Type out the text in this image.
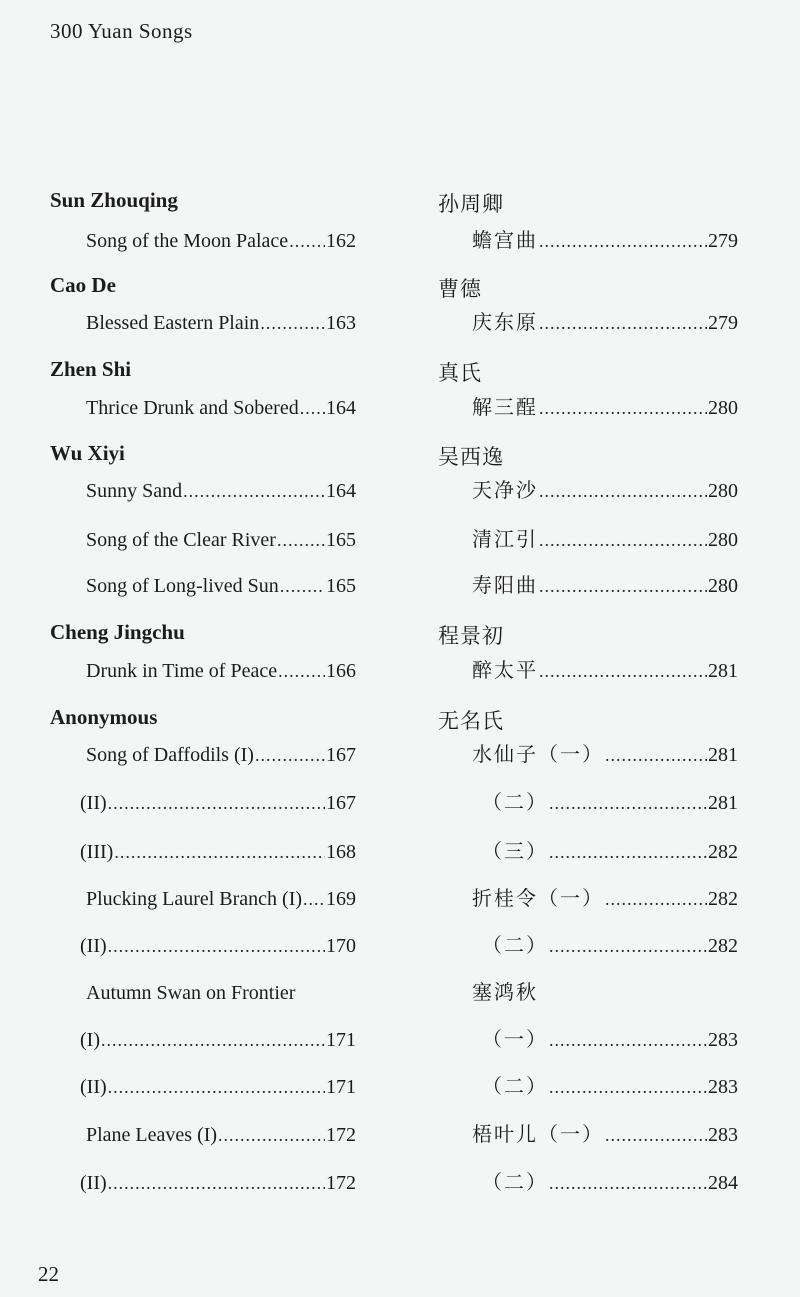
300 Yuan Songs
Sun Zhouqing
Song of the Moon Palace ..... 162
Cao De
Blessed Eastern Plain .....	163
Zhen Shi
Thrice Drunk and Sobered ..... 164
Wu Xiyi
Sunny Sand .....	164
Song of the Clear River .....	165
Song of Long-lived Sun ..... 165
Cheng Jingchu
Drunk in Time of Peace ..... 166
Anonymous
Song of Daffodils (I) .....	167
(II) .....	167
(III) .....	168
Plucking Laurel Branch (I) ..... 169
(II) .....	170
Autumn Swan on Frontier
(I) .....	171
(II) .....	171
Plane Leaves (I) .....	172
(II) .....	172
孙周卿
蟾宫曲 .....	279
曹德
庆东原 .....	279
真氏
解三酲 .....	280
吴西逸
天净沙 .....	280
清江引 .....	280
寿阳曲 .....	280
程景初
醉太平 .....	281
无名氏
水仙子（一） .....	281
（二） .....	281
（三） .....	282
折桂令（一） .....	282
（二） .....	282
塞鸿秋
（一） .....	283
（二） .....	283
梧叶儿（一） .....	283
（二） .....	284
22
